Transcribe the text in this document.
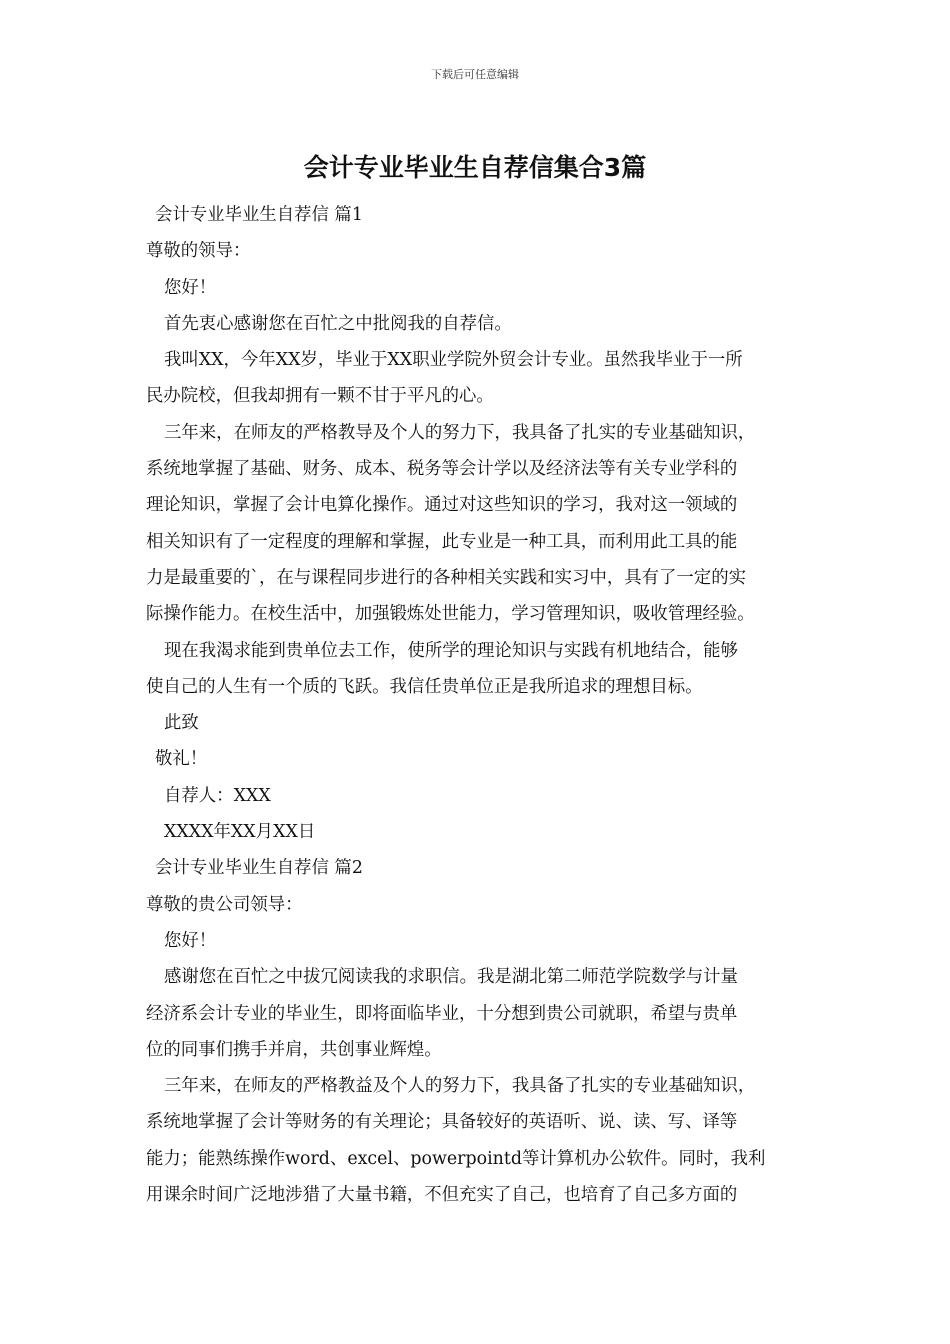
下载后可任意编辑
会计专业毕业生自荐信集合3篇
会计专业毕业生自荐信 篇1
尊敬的领导：
您好！
首先衷心感谢您在百忙之中批阅我的自荐信。
我叫XX，今年XX岁，毕业于XX职业学院外贸会计专业。虽然我毕业于一所
民办院校，但我却拥有一颗不甘于平凡的心。
三年来，在师友的严格教导及个人的努力下，我具备了扎实的专业基础知识，
系统地掌握了基础、财务、成本、税务等会计学以及经济法等有关专业学科的
理论知识，掌握了会计电算化操作。通过对这些知识的学习，我对这一领域的
相关知识有了一定程度的理解和掌握，此专业是一种工具，而利用此工具的能
力是最重要的`，在与课程同步进行的各种相关实践和实习中，具有了一定的实
际操作能力。在校生活中，加强锻炼处世能力，学习管理知识，吸收管理经验。
现在我渴求能到贵单位去工作，使所学的理论知识与实践有机地结合，能够
使自己的人生有一个质的飞跃。我信任贵单位正是我所追求的理想目标。
此致
敬礼！
自荐人：XXX
XXXX年XX月XX日
会计专业毕业生自荐信 篇2
尊敬的贵公司领导：
您好！
感谢您在百忙之中拔冗阅读我的求职信。我是湖北第二师范学院数学与计量
经济系会计专业的毕业生，即将面临毕业，十分想到贵公司就职，希望与贵单
位的同事们携手并肩，共创事业辉煌。
三年来，在师友的严格教益及个人的努力下，我具备了扎实的专业基础知识，
系统地掌握了会计等财务的有关理论；具备较好的英语听、说、读、写、译等
能力；能熟练操作word、excel、powerpointd等计算机办公软件。同时，我利
用课余时间广泛地涉猎了大量书籍，不但充实了自己，也培育了自己多方面的
